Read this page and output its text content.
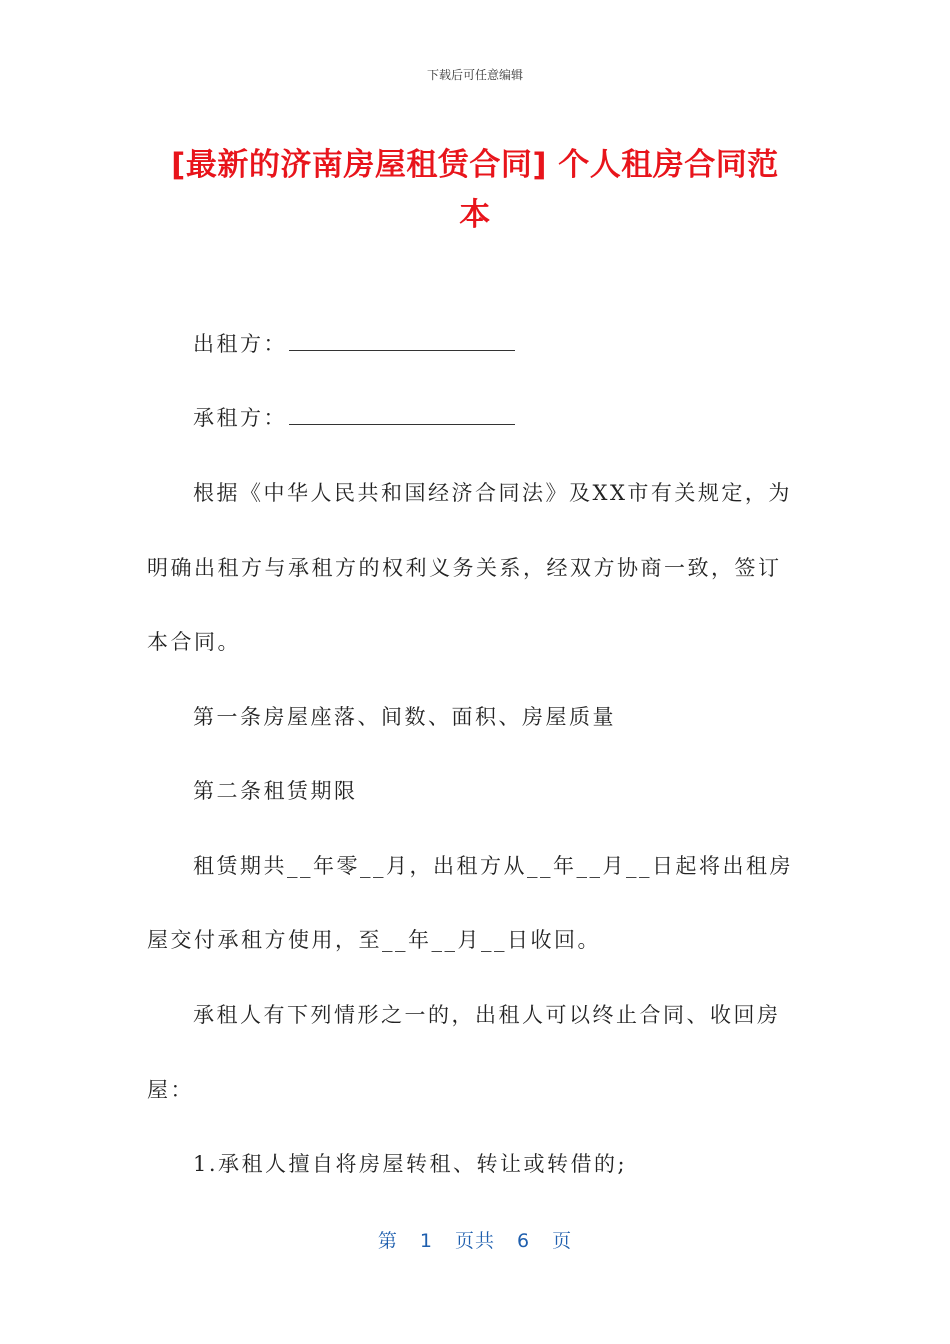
下载后可任意编辑
[最新的济南房屋租赁合同] 个人租房合同范
本
出租方：
承租方：
根据《中华人民共和国经济合同法》及XX市有关规定，为
明确出租方与承租方的权利义务关系，经双方协商一致，签订
本合同。
第一条房屋座落、间数、面积、房屋质量
第二条租赁期限
租赁期共__年零__月，出租方从__年__月__日起将出租房
屋交付承租方使用，至__年__月__日收回。
承租人有下列情形之一的，出租人可以终止合同、收回房
屋：
1.承租人擅自将房屋转租、转让或转借的;
第 1 页共 6 页
